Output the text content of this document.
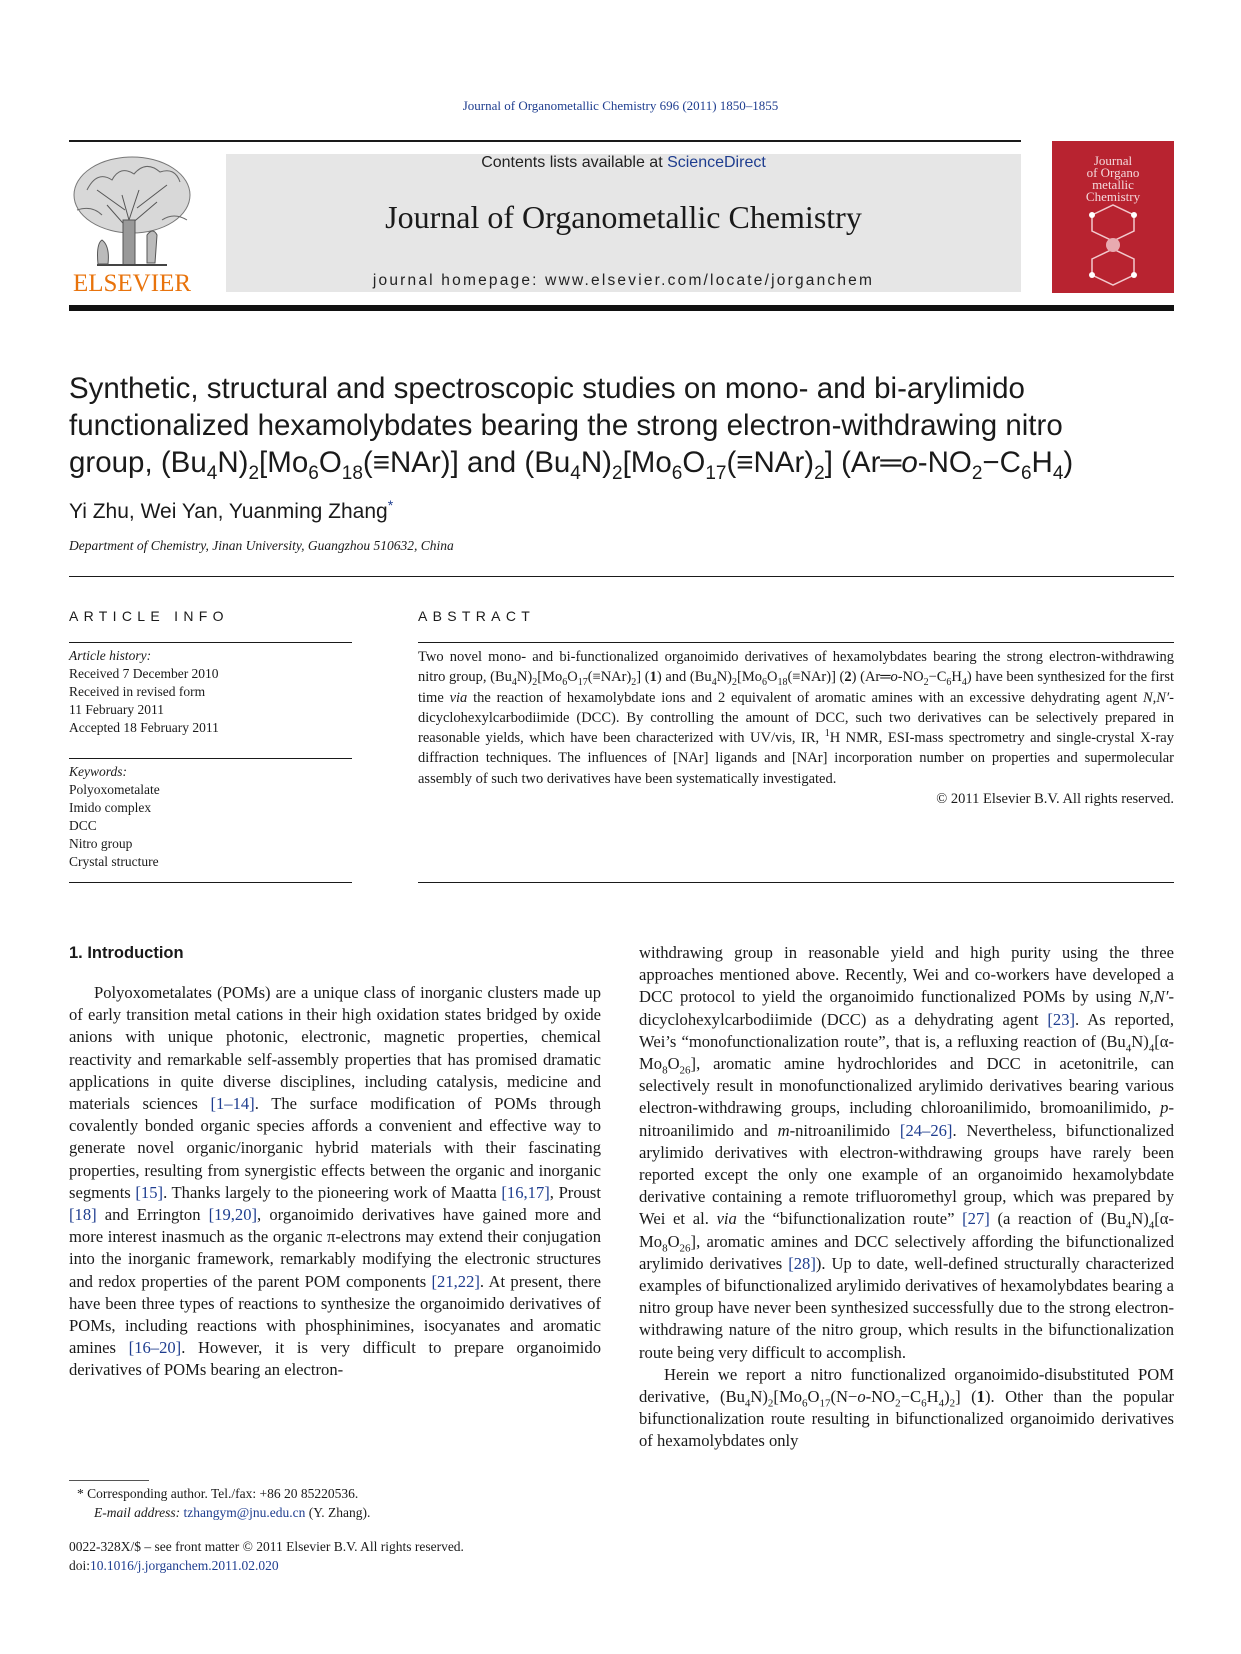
Journal of Organometallic Chemistry 696 (2011) 1850–1855
ELSEVIER
Contents lists available at ScienceDirect
Journal of Organometallic Chemistry
journal homepage: www.elsevier.com/locate/jorganchem
Journal
of Organo
metallic
Chemistry
Synthetic, structural and spectroscopic studies on mono- and bi-arylimido
functionalized hexamolybdates bearing the strong electron-withdrawing nitro
group, $(Bu_4N)_2[Mo_6O_{18}(\equiv NAr)]$ and $(Bu_4N)_2[Mo_6O_{17}(\equiv NAr)_2]$ $(Ar═o-NO_2-C_6H_4)$
Yi Zhu, Wei Yan, Yuanming Zhang*
Department of Chemistry, Jinan University, Guangzhou 510632, China
ARTICLE INFO	ABSTRACT
Article history:
Received 7 December 2010
Received in revised form
11 February 2011
Accepted 18 February 2011
Keywords:
Polyoxometalate
Imido complex
DCC
Nitro group
Crystal structure
Two novel mono- and bi-functionalized organoimido derivatives of hexamolybdates bearing the strong electron-withdrawing nitro group, $(Bu_4N)_2[Mo_6O_{17}(\equiv NAr)_2]$ (1) and $(Bu_4N)_2[Mo_6O_{18}(\equiv NAr)]$ (2) $(Ar═o-NO_2-C_6H_4)$ have been synthesized for the first time via the reaction of hexamolybdate ions and 2 equivalent of aromatic amines with an excessive dehydrating agent N,N′-dicyclohexylcarbodiimide (DCC). By controlling the amount of DCC, such two derivatives can be selectively prepared in reasonable yields, which have been characterized with UV/vis, IR, $^1$H NMR, ESI-mass spectrometry and single-crystal X-ray diffraction techniques. The influences of [NAr] ligands and [NAr] incorporation number on properties and supermolecular assembly of such two derivatives have been systematically investigated.
© 2011 Elsevier B.V. All rights reserved.
1. Introduction
Polyoxometalates (POMs) are a unique class of inorganic clusters made up of early transition metal cations in their high oxidation states bridged by oxide anions with unique photonic, electronic, magnetic properties, chemical reactivity and remarkable self-assembly properties that has promised dramatic applications in quite diverse disciplines, including catalysis, medicine and materials sciences [1–14]. The surface modification of POMs through covalently bonded organic species affords a convenient and effective way to generate novel organic/inorganic hybrid materials with their fascinating properties, resulting from synergistic effects between the organic and inorganic segments [15]. Thanks largely to the pioneering work of Maatta [16,17], Proust [18] and Errington [19,20], organoimido derivatives have gained more and more interest inasmuch as the organic π-electrons may extend their conjugation into the inorganic framework, remarkably modifying the electronic structures and redox properties of the parent POM components [21,22]. At present, there have been three types of reactions to synthesize the organoimido derivatives of POMs, including reactions with phosphinimines, isocyanates and aromatic amines [16–20]. However, it is very difficult to prepare organoimido derivatives of POMs bearing an electron-

withdrawing group in reasonable yield and high purity using the three approaches mentioned above. Recently, Wei and co-workers have developed a DCC protocol to yield the organoimido functionalized POMs by using N,N′-dicyclohexylcarbodiimide (DCC) as a dehydrating agent [23]. As reported, Wei’s “monofunctionalization route”, that is, a refluxing reaction of $(Bu_4N)_4[\alpha-Mo_8O_{26}]$, aromatic amine hydrochlorides and DCC in acetonitrile, can selectively result in monofunctionalized arylimido derivatives bearing various electron-withdrawing groups, including chloroanilimido, bromoanilimido, p-nitroanilimido and m-nitroanilimido [24–26]. Nevertheless, bifunctionalized arylimido derivatives with electron-withdrawing groups have rarely been reported except the only one example of an organoimido hexamolybdate derivative containing a remote trifluoromethyl group, which was prepared by Wei et al. via the “bifunctionalization route” [27] (a reaction of $(Bu_4N)_4[\alpha-Mo_8O_{26}]$, aromatic amines and DCC selectively affording the bifunctionalized arylimido derivatives [28]). Up to date, well-defined structurally characterized examples of bifunctionalized arylimido derivatives of hexamolybdates bearing a nitro group have never been synthesized successfully due to the strong electron-withdrawing nature of the nitro group, which results in the bifunctionalization route being very difficult to accomplish.

Herein we report a nitro functionalized organoimido-disubstituted POM derivative, $(Bu_4N)_2[Mo_6O_{17}(N-o-NO_2-C_6H_4)_2]$ (1). Other than the popular bifunctionalization route resulting in bifunctionalized organoimido derivatives of hexamolybdates only

* Corresponding author. Tel./fax: +86 20 85220536.
E-mail address: tzhangym@jnu.edu.cn (Y. Zhang).
0022-328X/$ – see front matter © 2011 Elsevier B.V. All rights reserved.
doi:10.1016/j.jorganchem.2011.02.020
